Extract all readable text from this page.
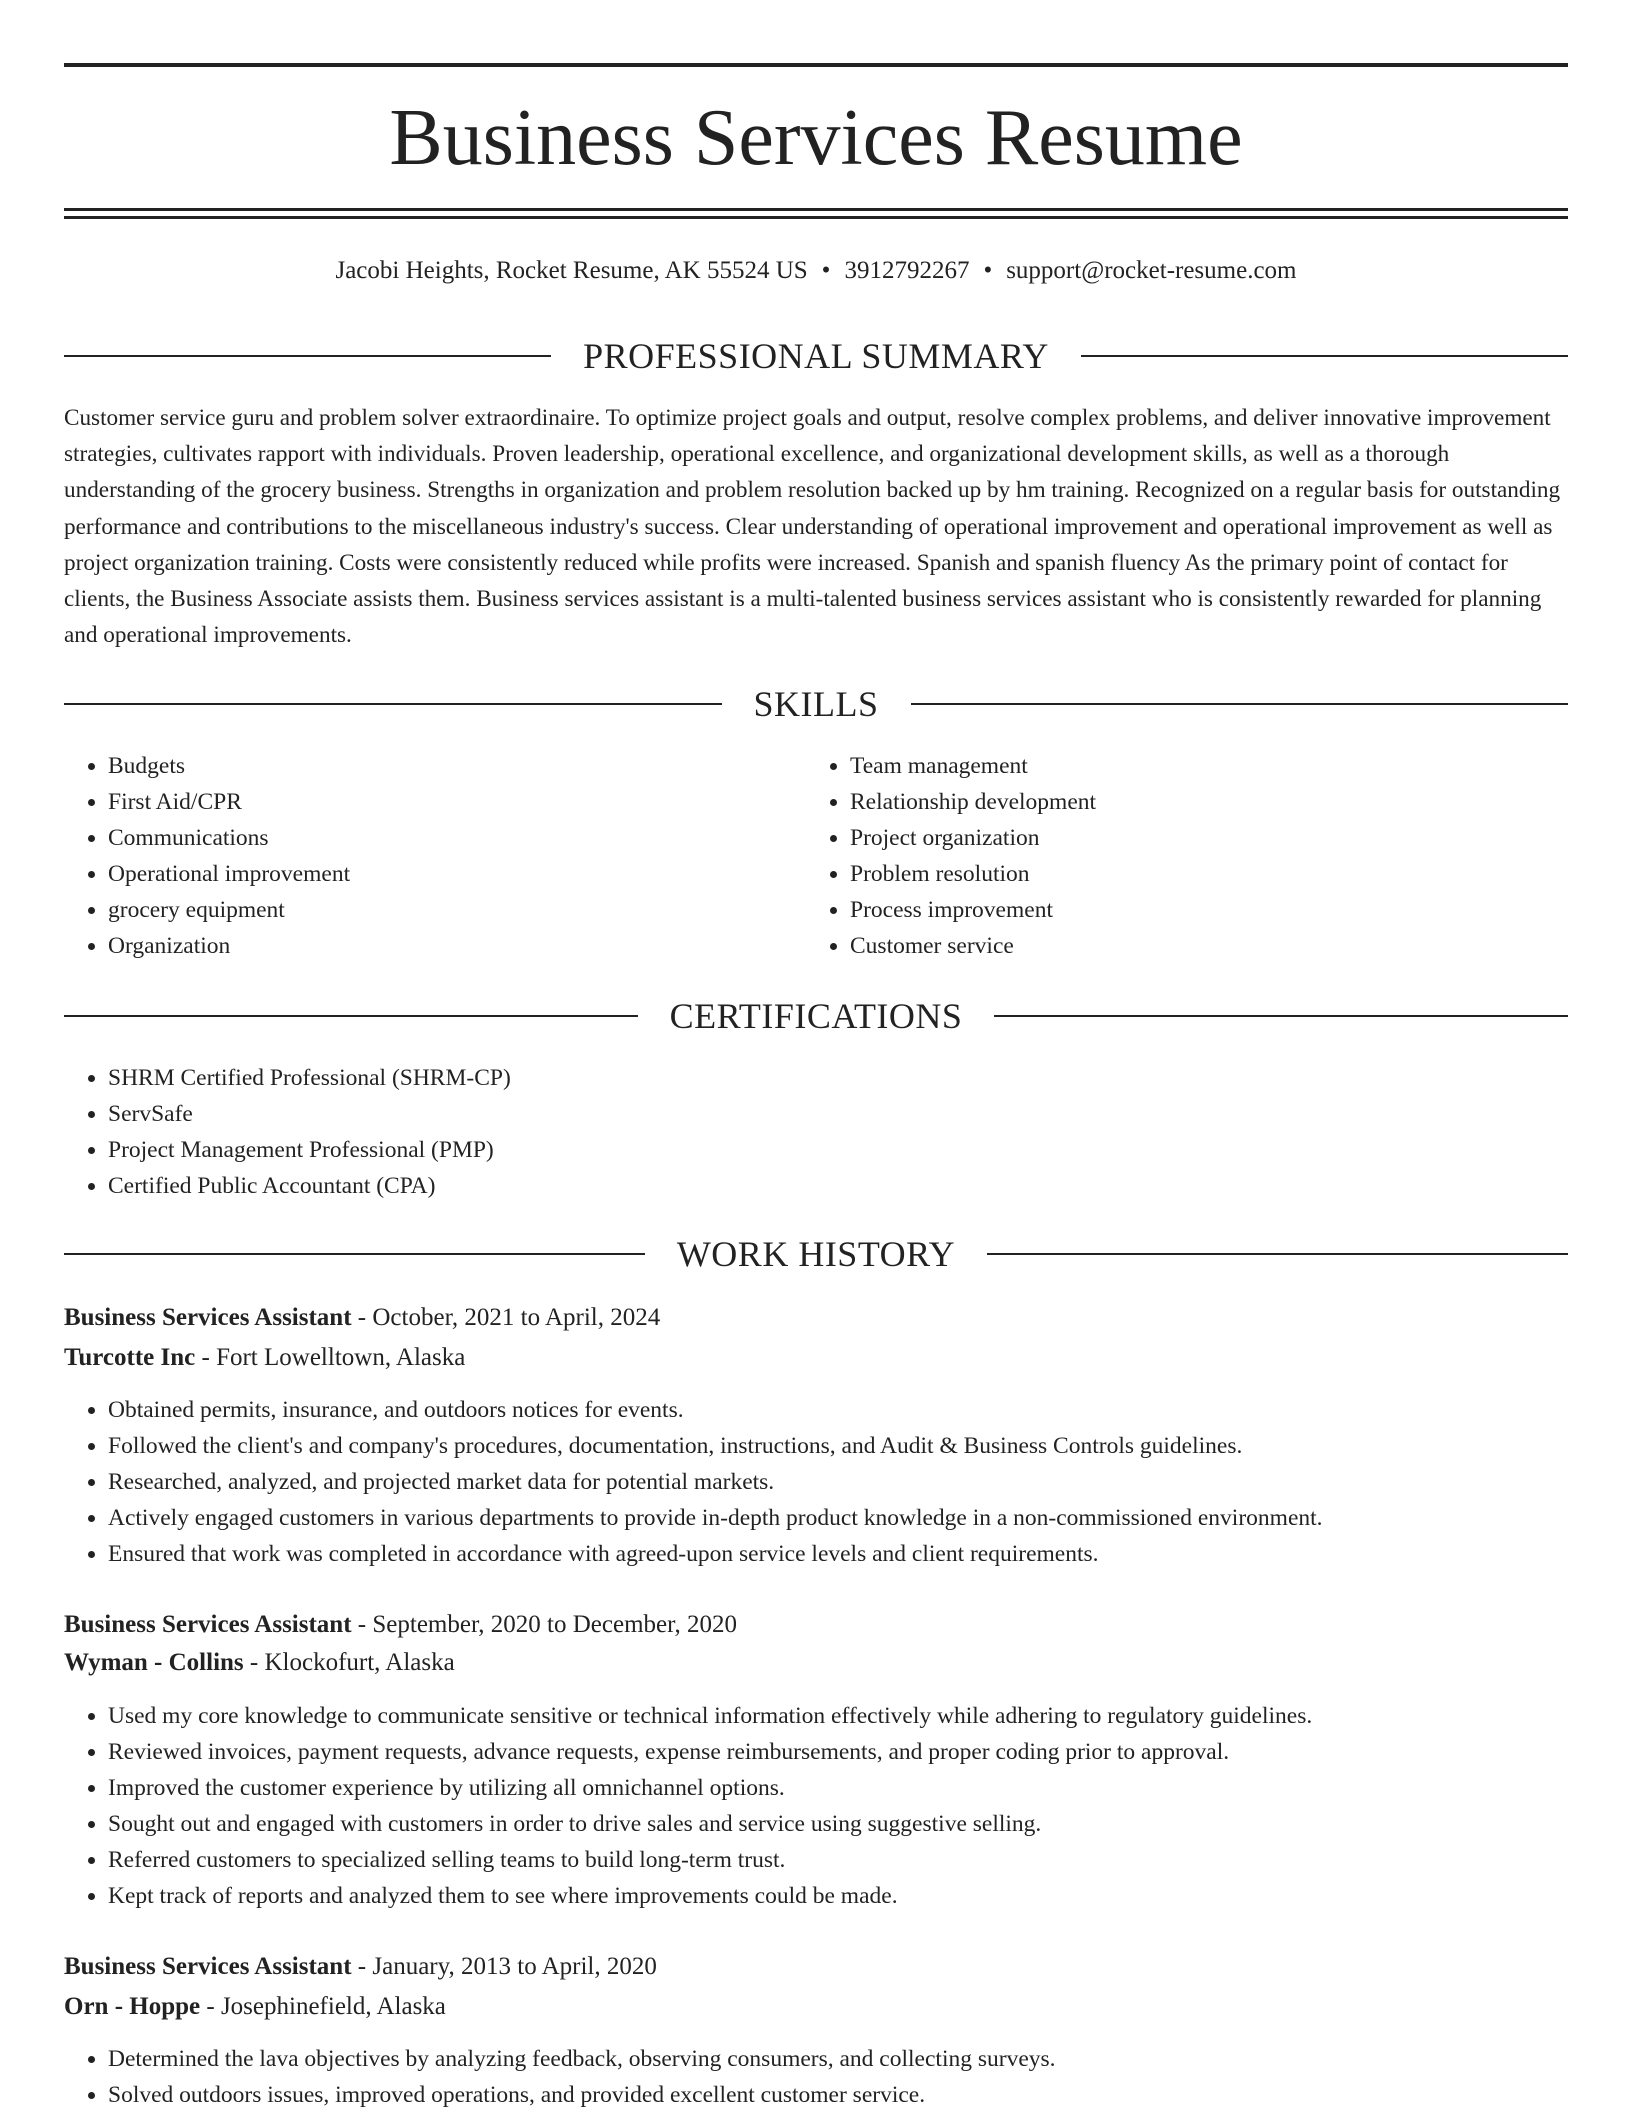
Business Services Resume
Jacobi Heights, Rocket Resume, AK 55524 US • 3912792267 • support@rocket-resume.com
PROFESSIONAL SUMMARY

Customer service guru and problem solver extraordinaire. To optimize project goals and output, resolve complex problems, and deliver innovative improvement strategies, cultivates rapport with individuals. Proven leadership, operational excellence, and organizational development skills, as well as a thorough understanding of the grocery business. Strengths in organization and problem resolution backed up by hm training. Recognized on a regular basis for outstanding performance and contributions to the miscellaneous industry's success. Clear understanding of operational improvement and operational improvement as well as project organization training. Costs were consistently reduced while profits were increased. Spanish and spanish fluency As the primary point of contact for clients, the Business Associate assists them. Business services assistant is a multi-talented business services assistant who is consistently rewarded for planning and operational improvements.

SKILLS
• Budgets
• First Aid/CPR
• Communications
• Operational improvement
• grocery equipment
• Organization
• Team management
• Relationship development
• Project organization
• Problem resolution
• Process improvement
• Customer service
CERTIFICATIONS
• SHRM Certified Professional (SHRM-CP)
• ServSafe
• Project Management Professional (PMP)
• Certified Public Accountant (CPA)
WORK HISTORY
Business Services Assistant - October, 2021 to April, 2024
Turcotte Inc - Fort Lowelltown, Alaska
• Obtained permits, insurance, and outdoors notices for events.
• Followed the client's and company's procedures, documentation, instructions, and Audit & Business Controls guidelines.
• Researched, analyzed, and projected market data for potential markets.
• Actively engaged customers in various departments to provide in-depth product knowledge in a non-commissioned environment.
• Ensured that work was completed in accordance with agreed-upon service levels and client requirements.
Business Services Assistant - September, 2020 to December, 2020
Wyman - Collins - Klockofurt, Alaska
• Used my core knowledge to communicate sensitive or technical information effectively while adhering to regulatory guidelines.
• Reviewed invoices, payment requests, advance requests, expense reimbursements, and proper coding prior to approval.
• Improved the customer experience by utilizing all omnichannel options.
• Sought out and engaged with customers in order to drive sales and service using suggestive selling.
• Referred customers to specialized selling teams to build long-term trust.
• Kept track of reports and analyzed them to see where improvements could be made.
Business Services Assistant - January, 2013 to April, 2020
Orn - Hoppe - Josephinefield, Alaska
• Determined the lava objectives by analyzing feedback, observing consumers, and collecting surveys.
• Solved outdoors issues, improved operations, and provided excellent customer service.
